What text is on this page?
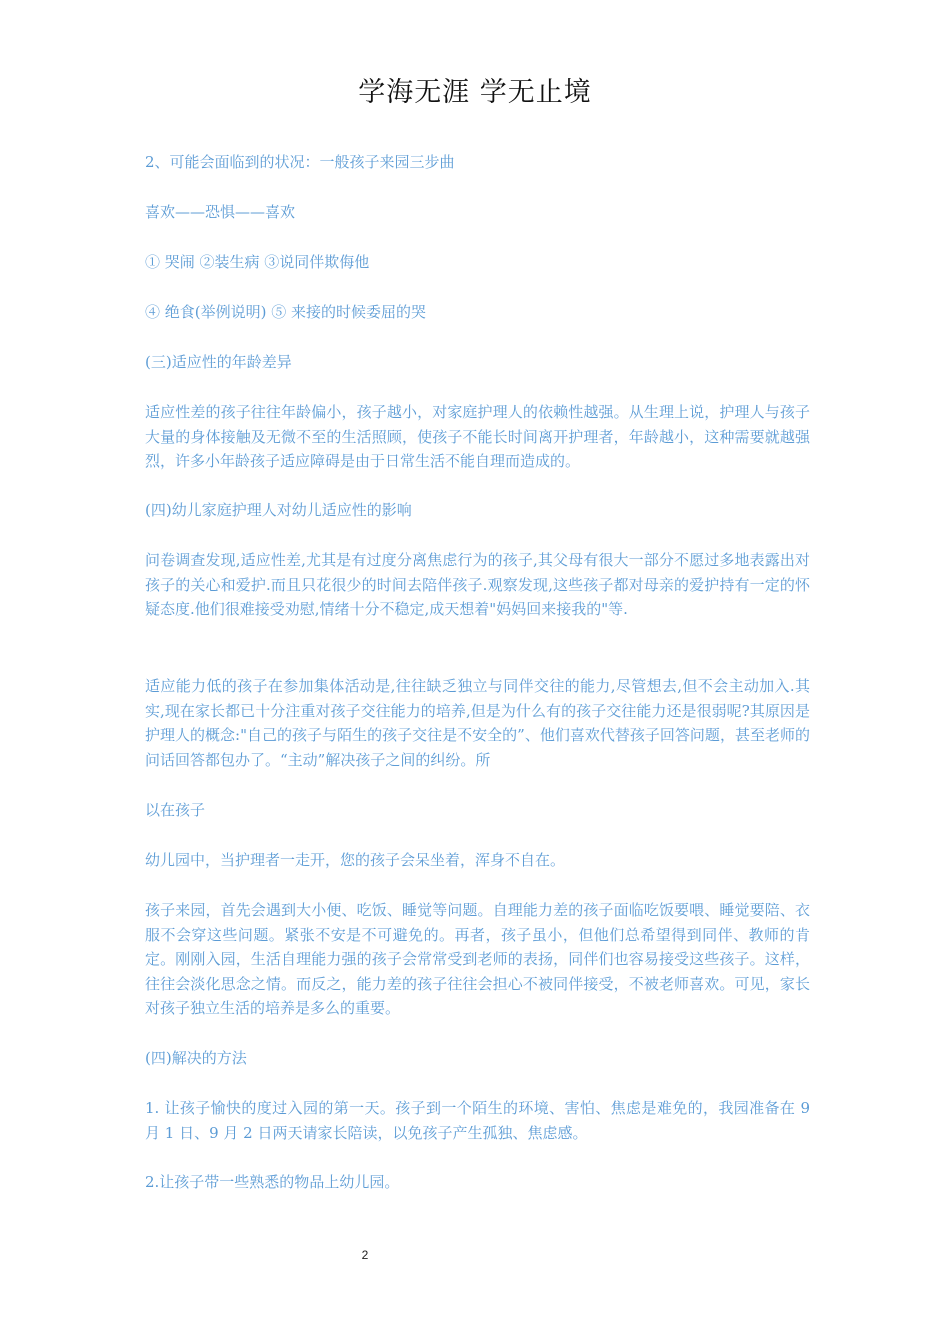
学海无涯 学无止境
2、可能会面临到的状况：一般孩子来园三步曲
喜欢——恐惧——喜欢
① 哭闹 ②装生病 ③说同伴欺侮他
④ 绝食(举例说明) ⑤ 来接的时候委屈的哭
(三)适应性的年龄差异
适应性差的孩子往往年龄偏小，孩子越小，对家庭护理人的依赖性越强。从生理上说，护理人与孩子大量的身体接触及无微不至的生活照顾，使孩子不能长时间离开护理者，年龄越小，这种需要就越强烈，许多小年龄孩子适应障碍是由于日常生活不能自理而造成的。
(四)幼儿家庭护理人对幼儿适应性的影响
问卷调查发现,适应性差,尤其是有过度分离焦虑行为的孩子,其父母有很大一部分不愿过多地表露出对孩子的关心和爱护.而且只花很少的时间去陪伴孩子.观察发现,这些孩子都对母亲的爱护持有一定的怀疑态度.他们很难接受劝慰,情绪十分不稳定,成天想着"妈妈回来接我的"等.
适应能力低的孩子在参加集体活动是,往往缺乏独立与同伴交往的能力,尽管想去,但不会主动加入.其实,现在家长都已十分注重对孩子交往能力的培养,但是为什么有的孩子交往能力还是很弱呢?其原因是护理人的概念:"自己的孩子与陌生的孩子交往是不安全的”、他们喜欢代替孩子回答问题，甚至老师的问话回答都包办了。“主动”解决孩子之间的纠纷。所
以在孩子
幼儿园中，当护理者一走开，您的孩子会呆坐着，浑身不自在。
孩子来园，首先会遇到大小便、吃饭、睡觉等问题。自理能力差的孩子面临吃饭要喂、睡觉要陪、衣服不会穿这些问题。紧张不安是不可避免的。再者，孩子虽小，但他们总希望得到同伴、教师的肯定。刚刚入园，生活自理能力强的孩子会常常受到老师的表扬，同伴们也容易接受这些孩子。这样，往往会淡化思念之情。而反之，能力差的孩子往往会担心不被同伴接受，不被老师喜欢。可见，家长对孩子独立生活的培养是多么的重要。
(四)解决的方法
1. 让孩子愉快的度过入园的第一天。孩子到一个陌生的环境、害怕、焦虑是难免的，我园准备在 9 月 1 日、9 月 2 日两天请家长陪读，以免孩子产生孤独、焦虑感。
2.让孩子带一些熟悉的物品上幼儿园。
2
